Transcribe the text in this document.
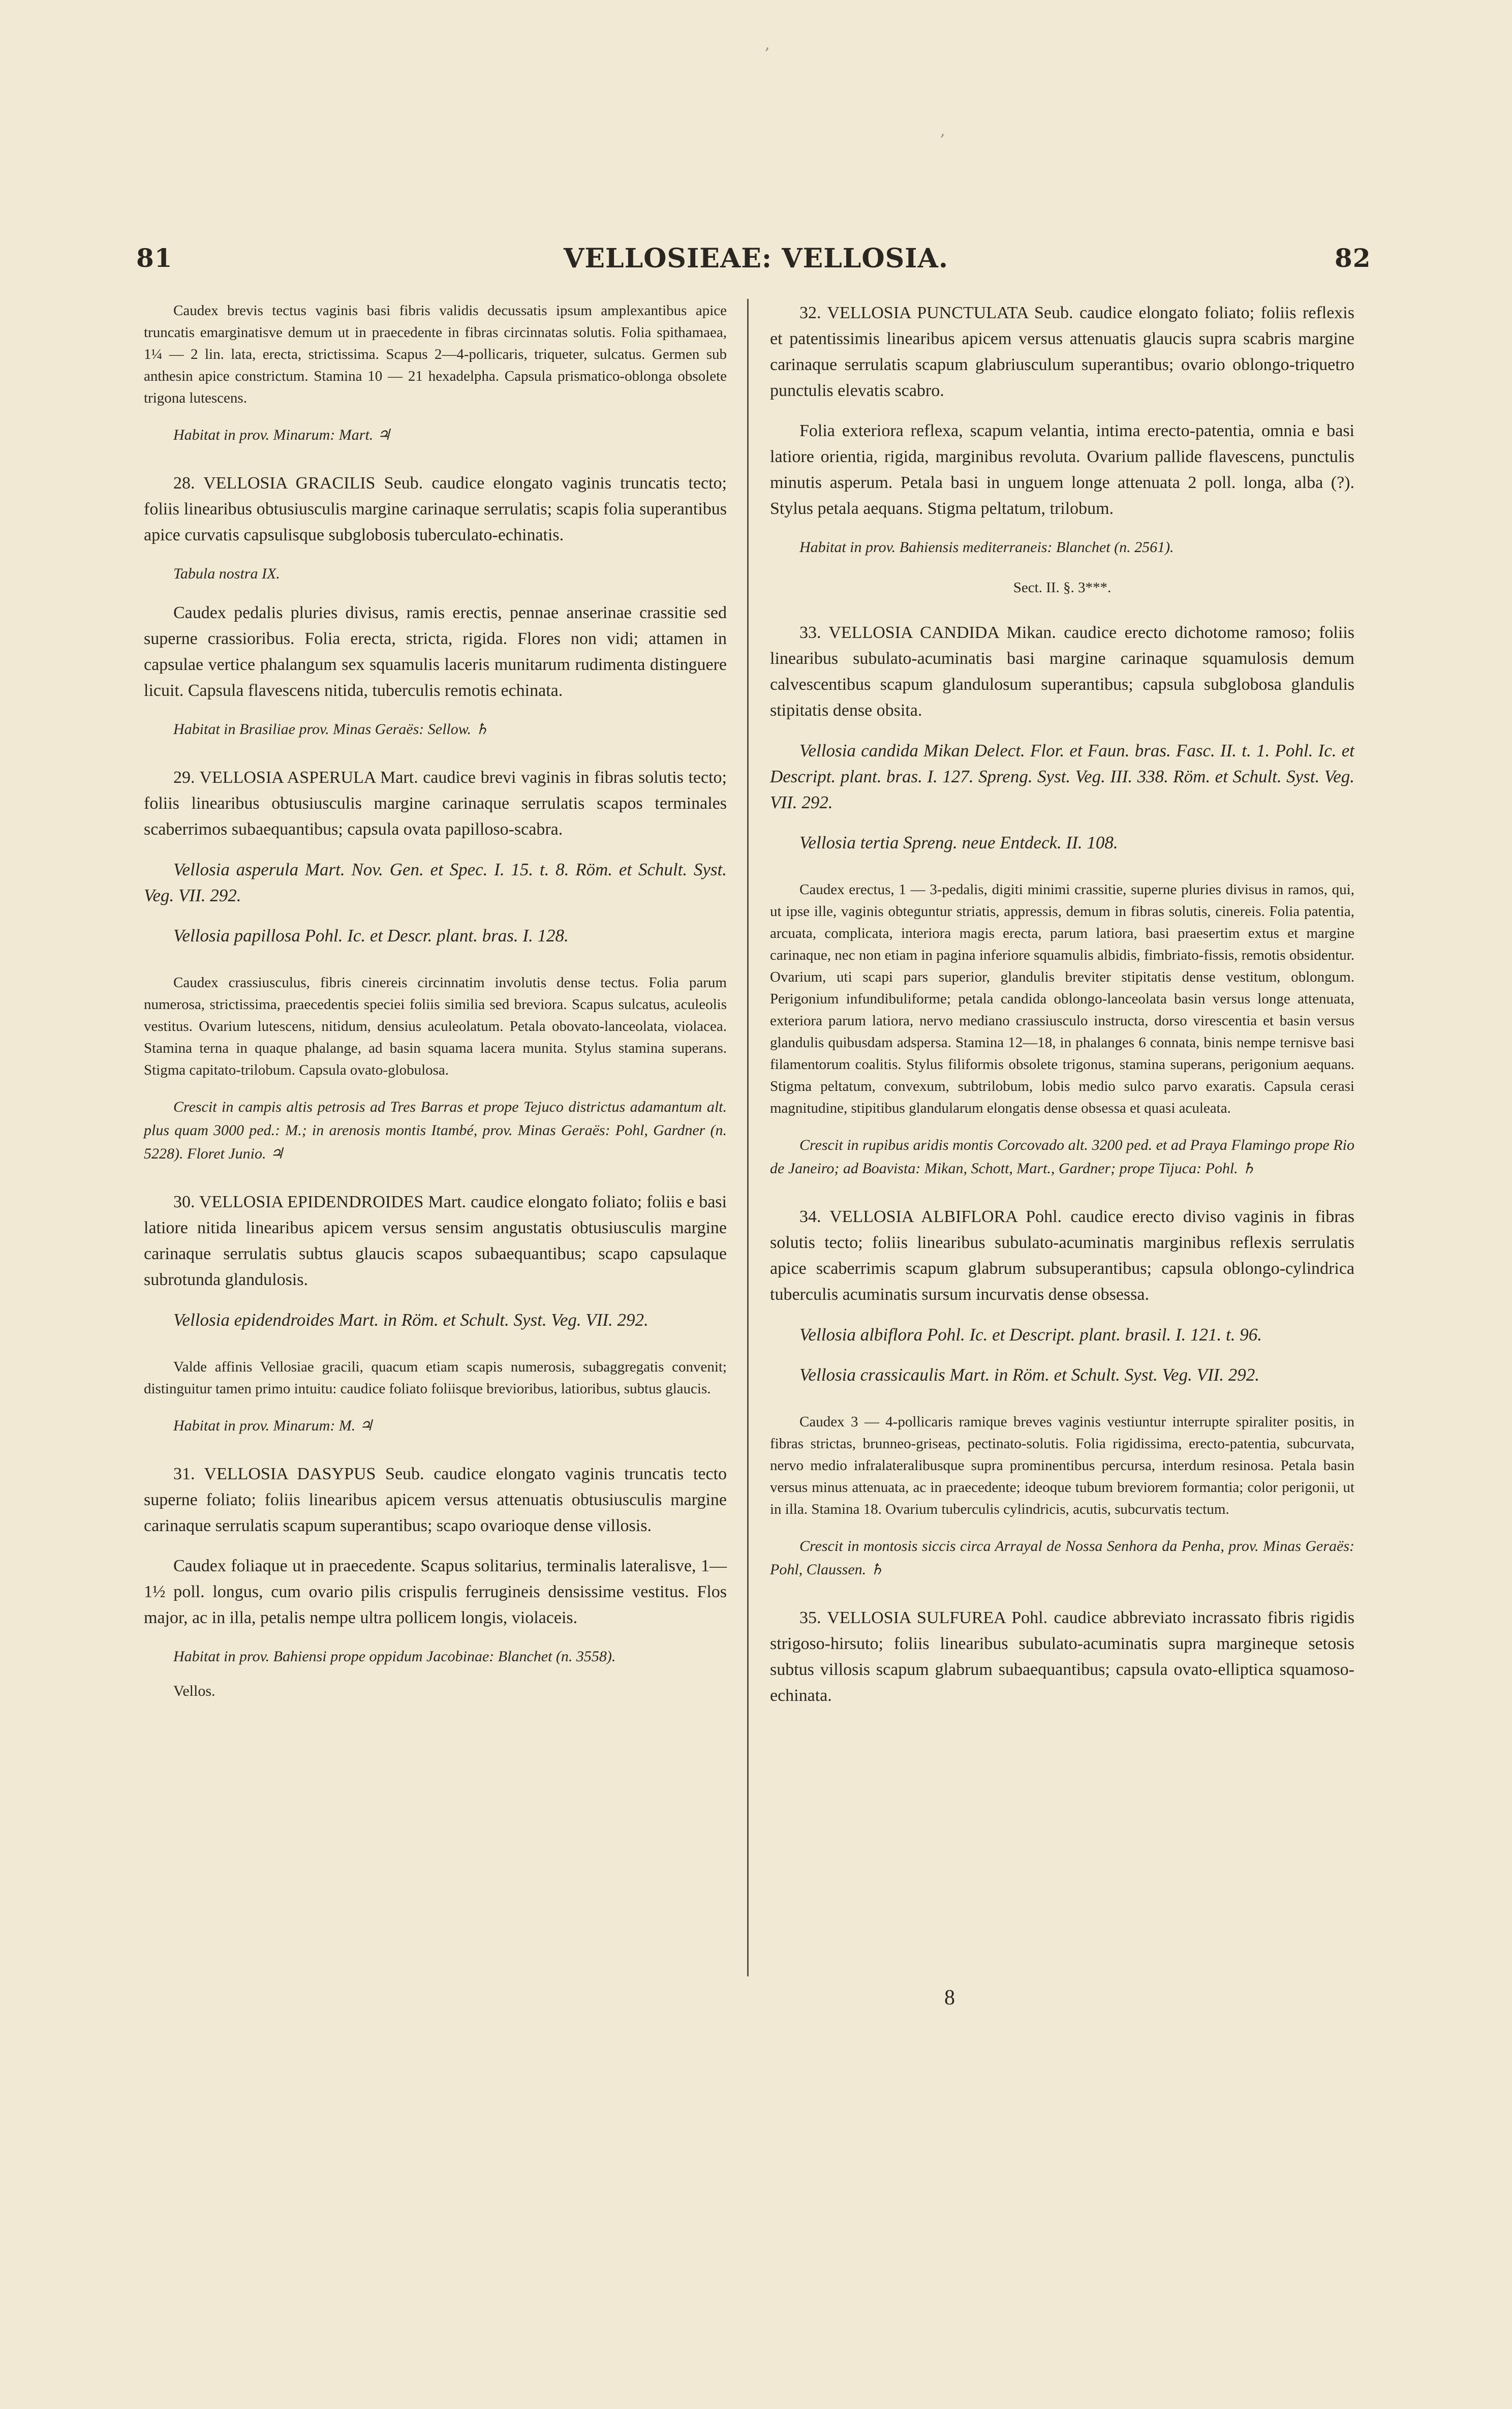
,
,
81	VELLOSIEAE: VELLOSIA.	82

Caudex brevis tectus vaginis basi fibris validis decussatis ipsum amplexantibus apice truncatis emarginatisve demum ut in praecedente in fibras circinnatas solutis. Folia spithamaea, 1¼ — 2 lin. lata, erecta, strictissima. Scapus 2—4-pollicaris, triqueter, sulcatus. Germen sub anthesin apice constrictum. Stamina 10 — 21 hexadelpha. Capsula prismatico-oblonga obsolete trigona lutescens.

Habitat in prov. Minarum: Mart. ♃

28. VELLOSIA GRACILIS Seub. caudice elongato vaginis truncatis tecto; foliis linearibus obtusiusculis margine carinaque serrulatis; scapis folia superantibus apice curvatis capsulisque subglobosis tuberculato-echinatis.

Tabula nostra IX.

Caudex pedalis pluries divisus, ramis erectis, pennae anserinae crassitie sed superne crassioribus. Folia erecta, stricta, rigida. Flores non vidi; attamen in capsulae vertice phalangum sex squamulis laceris munitarum rudimenta distinguere licuit. Capsula flavescens nitida, tuberculis remotis echinata.

Habitat in Brasiliae prov. Minas Geraës: Sellow. ♄

29. VELLOSIA ASPERULA Mart. caudice brevi vaginis in fibras solutis tecto; foliis linearibus obtusiusculis margine carinaque serrulatis scapos terminales scaberrimos subaequantibus; capsula ovata papilloso-scabra.

Vellosia asperula Mart. Nov. Gen. et Spec. I. 15. t. 8. Röm. et Schult. Syst. Veg. VII. 292.

Vellosia papillosa Pohl. Ic. et Descr. plant. bras. I. 128.

Caudex crassiusculus, fibris cinereis circinnatim involutis dense tectus. Folia parum numerosa, strictissima, praecedentis speciei foliis similia sed breviora. Scapus sulcatus, aculeolis vestitus. Ovarium lutescens, nitidum, densius aculeolatum. Petala obovato-lanceolata, violacea. Stamina terna in quaque phalange, ad basin squama lacera munita. Stylus stamina superans. Stigma capitato-trilobum. Capsula ovato-globulosa.

Crescit in campis altis petrosis ad Tres Barras et prope Tejuco districtus adamantum alt. plus quam 3000 ped.: M.; in arenosis montis Itambé, prov. Minas Geraës: Pohl, Gardner (n. 5228). Floret Junio. ♃

30. VELLOSIA EPIDENDROIDES Mart. caudice elongato foliato; foliis e basi latiore nitida linearibus apicem versus sensim angustatis obtusiusculis margine carinaque serrulatis subtus glaucis scapos subaequantibus; scapo capsulaque subrotunda glandulosis.

Vellosia epidendroides Mart. in Röm. et Schult. Syst. Veg. VII. 292.

Valde affinis Vellosiae gracili, quacum etiam scapis numerosis, subaggregatis convenit; distinguitur tamen primo intuitu: caudice foliato foliisque brevioribus, latioribus, subtus glaucis.

Habitat in prov. Minarum: M. ♃

31. VELLOSIA DASYPUS Seub. caudice elongato vaginis truncatis tecto superne foliato; foliis linearibus apicem versus attenuatis obtusiusculis margine carinaque serrulatis scapum superantibus; scapo ovarioque dense villosis.

Caudex foliaque ut in praecedente. Scapus solitarius, terminalis lateralisve, 1—1½ poll. longus, cum ovario pilis crispulis ferrugineis densissime vestitus. Flos major, ac in illa, petalis nempe ultra pollicem longis, violaceis.

Habitat in prov. Bahiensi prope oppidum Jacobinae: Blanchet (n. 3558).

Vellos.

32. VELLOSIA PUNCTULATA Seub. caudice elongato foliato; foliis reflexis et patentissimis linearibus apicem versus attenuatis glaucis supra scabris margine carinaque serrulatis scapum glabriusculum superantibus; ovario oblongo-triquetro punctulis elevatis scabro.

Folia exteriora reflexa, scapum velantia, intima erecto-patentia, omnia e basi latiore orientia, rigida, marginibus revoluta. Ovarium pallide flavescens, punctulis minutis asperum. Petala basi in unguem longe attenuata 2 poll. longa, alba (?). Stylus petala aequans. Stigma peltatum, trilobum.

Habitat in prov. Bahiensis mediterraneis: Blanchet (n. 2561).

Sect. II. §. 3***.

33. VELLOSIA CANDIDA Mikan. caudice erecto dichotome ramoso; foliis linearibus subulato-acuminatis basi margine carinaque squamulosis demum calvescentibus scapum glandulosum superantibus; capsula subglobosa glandulis stipitatis dense obsita.

Vellosia candida Mikan Delect. Flor. et Faun. bras. Fasc. II. t. 1. Pohl. Ic. et Descript. plant. bras. I. 127. Spreng. Syst. Veg. III. 338. Röm. et Schult. Syst. Veg. VII. 292.

Vellosia tertia Spreng. neue Entdeck. II. 108.

Caudex erectus, 1 — 3-pedalis, digiti minimi crassitie, superne pluries divisus in ramos, qui, ut ipse ille, vaginis obteguntur striatis, appressis, demum in fibras solutis, cinereis. Folia patentia, arcuata, complicata, interiora magis erecta, parum latiora, basi praesertim extus et margine carinaque, nec non etiam in pagina inferiore squamulis albidis, fimbriato-fissis, remotis obsidentur. Ovarium, uti scapi pars superior, glandulis breviter stipitatis dense vestitum, oblongum. Perigonium infundibuliforme; petala candida oblongo-lanceolata basin versus longe attenuata, exteriora parum latiora, nervo mediano crassiusculo instructa, dorso virescentia et basin versus glandulis quibusdam adspersa. Stamina 12—18, in phalanges 6 connata, binis nempe ternisve basi filamentorum coalitis. Stylus filiformis obsolete trigonus, stamina superans, perigonium aequans. Stigma peltatum, convexum, subtrilobum, lobis medio sulco parvo exaratis. Capsula cerasi magnitudine, stipitibus glandularum elongatis dense obsessa et quasi aculeata.

Crescit in rupibus aridis montis Corcovado alt. 3200 ped. et ad Praya Flamingo prope Rio de Janeiro; ad Boavista: Mikan, Schott, Mart., Gardner; prope Tijuca: Pohl. ♄

34. VELLOSIA ALBIFLORA Pohl. caudice erecto diviso vaginis in fibras solutis tecto; foliis linearibus subulato-acuminatis marginibus reflexis serrulatis apice scaberrimis scapum glabrum subsuperantibus; capsula oblongo-cylindrica tuberculis acuminatis sursum incurvatis dense obsessa.

Vellosia albiflora Pohl. Ic. et Descript. plant. brasil. I. 121. t. 96.

Vellosia crassicaulis Mart. in Röm. et Schult. Syst. Veg. VII. 292.

Caudex 3 — 4-pollicaris ramique breves vaginis vestiuntur interrupte spiraliter positis, in fibras strictas, brunneo-griseas, pectinato-solutis. Folia rigidissima, erecto-patentia, subcurvata, nervo medio infralateralibusque supra prominentibus percursa, interdum resinosa. Petala basin versus minus attenuata, ac in praecedente; ideoque tubum breviorem formantia; color perigonii, ut in illa. Stamina 18. Ovarium tuberculis cylindricis, acutis, subcurvatis tectum.

Crescit in montosis siccis circa Arrayal de Nossa Senhora da Penha, prov. Minas Geraës: Pohl, Claussen. ♄

35. VELLOSIA SULFUREA Pohl. caudice abbreviato incrassato fibris rigidis strigoso-hirsuto; foliis linearibus subulato-acuminatis supra margineque setosis subtus villosis scapum glabrum subaequantibus; capsula ovato-elliptica squamoso-echinata.

8
